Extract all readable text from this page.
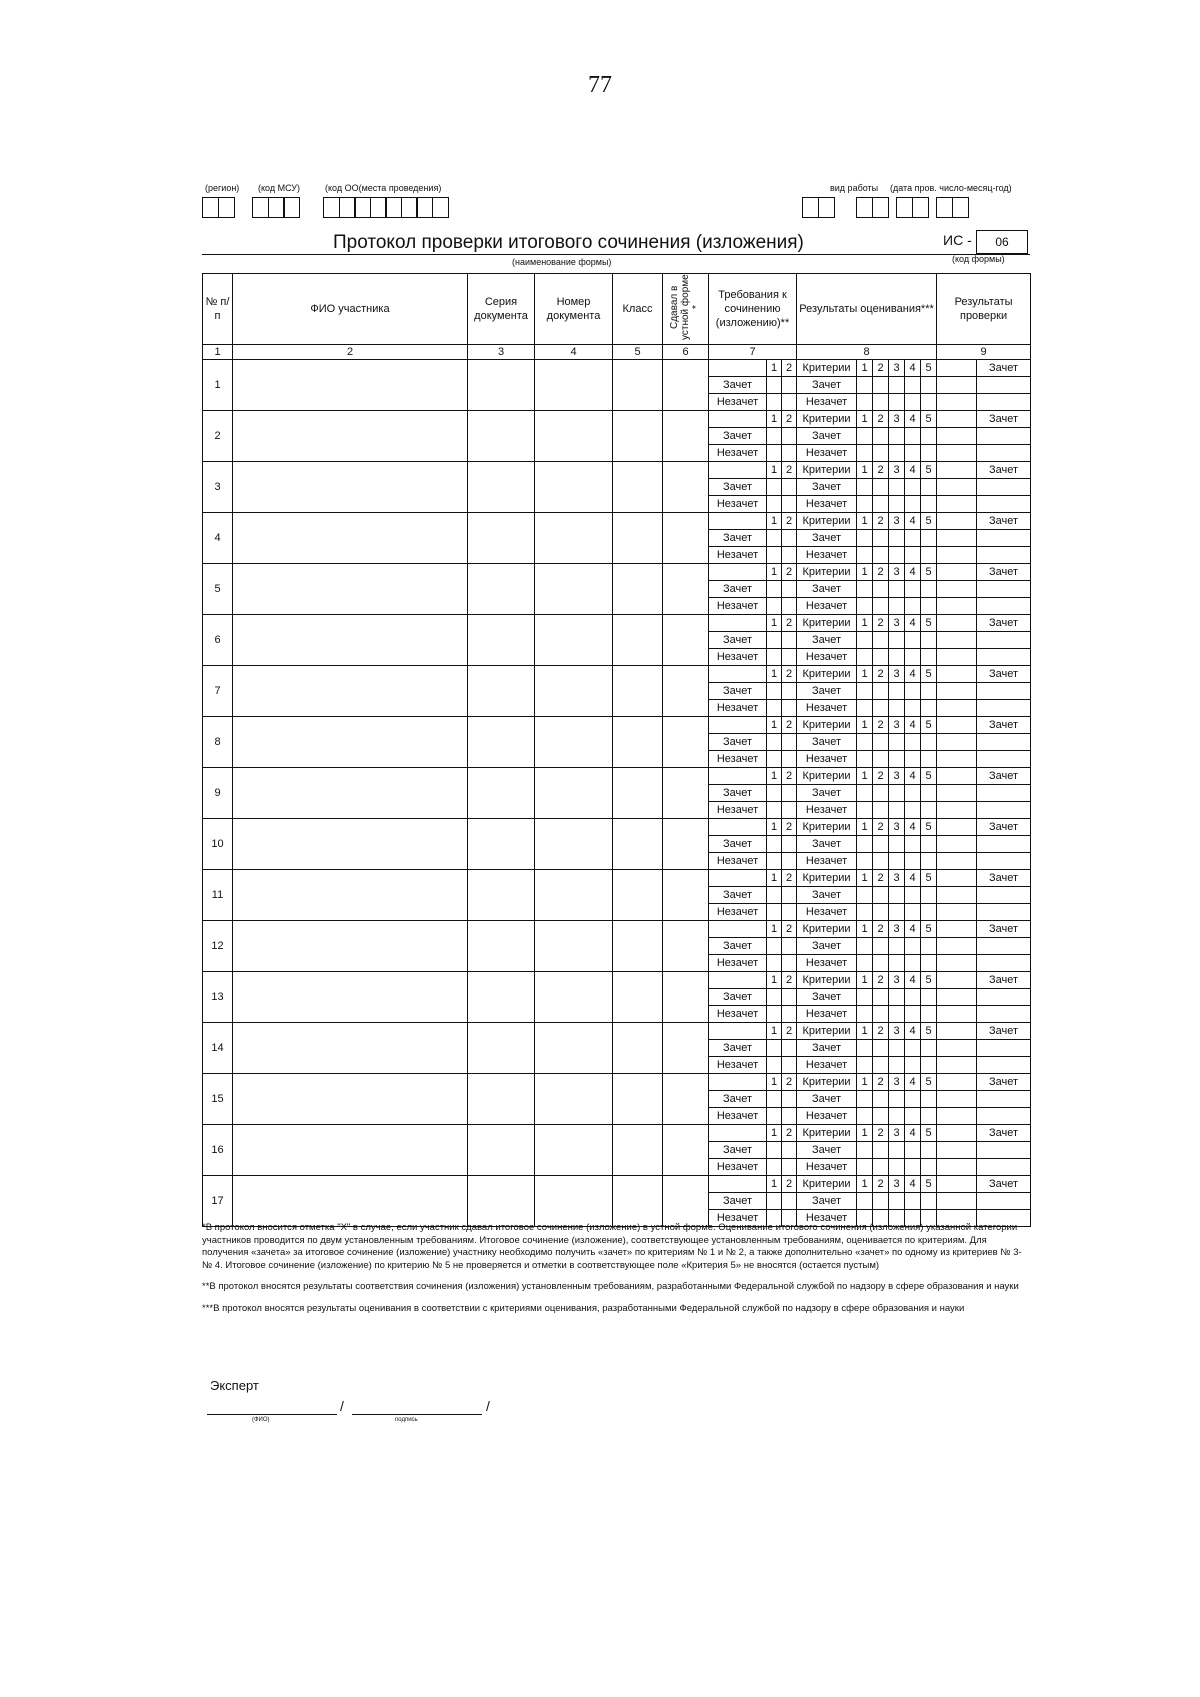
77
(регион) (код МСУ)	(код ОО(места проведения)	вид работы (дата пров. число-месяц-год)
Протокол проверки итогового сочинения (изложения)
(наименование формы)
ИС -	06
(код формы)
№ п/п	ФИО участника	Серия документа	Номер документа	Класс	Сдавал в устной форме *	Требования к сочинению (изложению)**			Результаты оценивания***						Результаты проверки		
1	2	3	4	5	6	7			8						9		
1							1	2	Критерии	1	2	3	4	5		Зачет	
						Зачет			Зачет								
						Незачет			Незачет								
2							1	2	Критерии	1	2	3	4	5		Зачет	
						Зачет			Зачет								
						Незачет			Незачет								
3							1	2	Критерии	1	2	3	4	5		Зачет	
						Зачет			Зачет								
						Незачет			Незачет								
4							1	2	Критерии	1	2	3	4	5		Зачет	
						Зачет			Зачет								
						Незачет			Незачет								
5							1	2	Критерии	1	2	3	4	5		Зачет	
						Зачет			Зачет								
						Незачет			Незачет								
6							1	2	Критерии	1	2	3	4	5		Зачет	
						Зачет			Зачет								
						Незачет			Незачет								
7							1	2	Критерии	1	2	3	4	5		Зачет	
						Зачет			Зачет								
						Незачет			Незачет								
8							1	2	Критерии	1	2	3	4	5		Зачет	
						Зачет			Зачет								
						Незачет			Незачет								
9							1	2	Критерии	1	2	3	4	5		Зачет	
						Зачет			Зачет								
						Незачет			Незачет								
10							1	2	Критерии	1	2	3	4	5		Зачет	
						Зачет			Зачет								
						Незачет			Незачет								
11							1	2	Критерии	1	2	3	4	5		Зачет	
						Зачет			Зачет								
						Незачет			Незачет								
12							1	2	Критерии	1	2	3	4	5		Зачет	
						Зачет			Зачет								
						Незачет			Незачет								
13							1	2	Критерии	1	2	3	4	5		Зачет	
						Зачет			Зачет								
						Незачет			Незачет								
14							1	2	Критерии	1	2	3	4	5		Зачет	
						Зачет			Зачет								
						Незачет			Незачет								
15							1	2	Критерии	1	2	3	4	5		Зачет	
						Зачет			Зачет								
						Незачет			Незачет								
16							1	2	Критерии	1	2	3	4	5		Зачет	
						Зачет			Зачет								
						Незачет			Незачет								
17							1	2	Критерии	1	2	3	4	5		Зачет	
						Зачет			Зачет								
						Незачет			Незачет								

*В протокол вносится отметка "X" в случае, если участник сдавал итоговое сочинение (изложение) в устной форме. Оценивание итогового сочинения (изложения) указанной категории участников проводится по двум установленным требованиям. Итоговое сочинение (изложение), соответствующее установленным требованиям, оценивается по критериям. Для получения «зачета» за итоговое сочинение (изложение) участнику необходимо получить «зачет» по критериям № 1 и № 2, а также дополнительно «зачет» по одному из критериев № 3- № 4. Итоговое сочинение (изложение) по критерию № 5 не проверяется и отметки в соответствующее поле «Критерия 5» не вносятся (остается пустым)

**В протокол вносятся результаты соответствия сочинения (изложения) установленным требованиям, разработанными Федеральной службой по надзору в сфере образования и науки

***В протокол вносятся результаты оценивания в соответствии с критериями оценивания, разработанными Федеральной службой по надзору в сфере образования и науки

Эксперт
/	/
(ФИО)	подпись
